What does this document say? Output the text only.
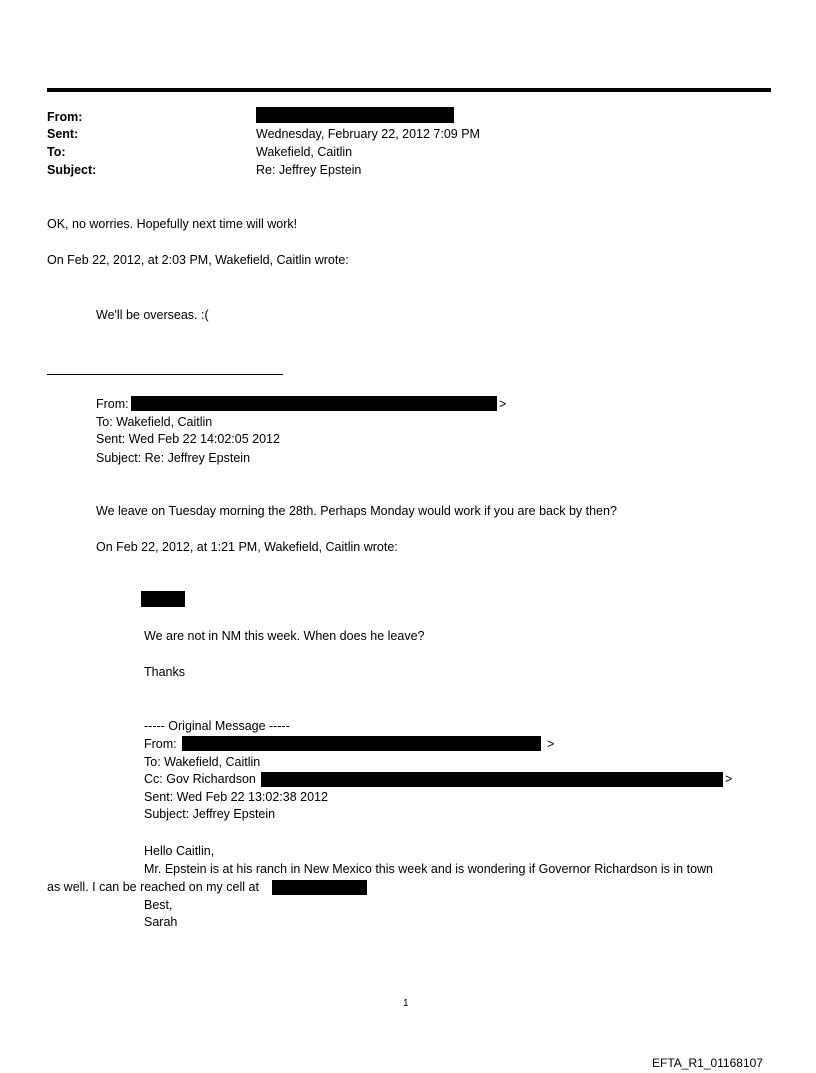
From:
Sent:	Wednesday, February 22, 2012 7:09 PM
To:	Wakefield, Caitlin
Subject:	Re: Jeffrey Epstein
OK, no worries. Hopefully next time will work!
On Feb 22, 2012, at 2:03 PM, Wakefield, Caitlin wrote:
We'll be overseas. :(
From:	>
To: Wakefield, Caitlin
Sent: Wed Feb 22 14:02:05 2012
Subject: Re: Jeffrey Epstein
We leave on Tuesday morning the 28th. Perhaps Monday would work if you are back by then?
On Feb 22, 2012, at 1:21 PM, Wakefield, Caitlin wrote:
We are not in NM this week. When does he leave?
Thanks
----- Original Message -----
From:	>
To: Wakefield, Caitlin
Cc: Gov Richardson	>
Sent: Wed Feb 22 13:02:38 2012
Subject: Jeffrey Epstein
Hello Caitlin,
Mr. Epstein is at his ranch in New Mexico this week and is wondering if Governor Richardson is in town
as well. I can be reached on my cell at
Best,
Sarah
1
EFTA_R1_01168107
